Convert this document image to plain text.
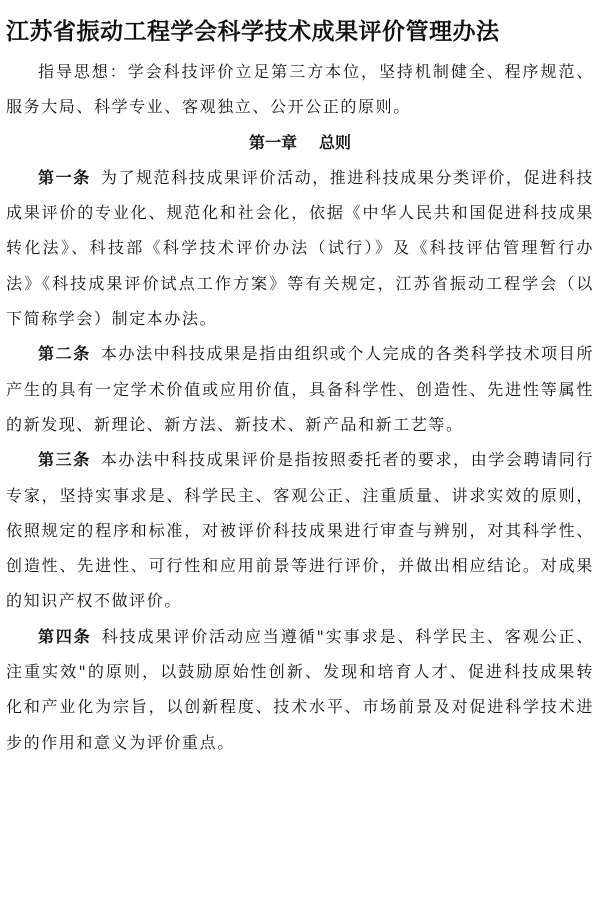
江苏省振动工程学会科学技术成果评价管理办法

指导思想：学会科技评价立足第三方本位，坚持机制健全、程序规范、服务大局、科学专业、客观独立、公开公正的原则。

第一章 总则

第一条 为了规范科技成果评价活动，推进科技成果分类评价，促进科技成果评价的专业化、规范化和社会化，依据《中华人民共和国促进科技成果转化法》、科技部《科学技术评价办法（试行）》及《科技评估管理暂行办法》《科技成果评价试点工作方案》等有关规定，江苏省振动工程学会（以下简称学会）制定本办法。

第二条 本办法中科技成果是指由组织或个人完成的各类科学技术项目所产生的具有一定学术价值或应用价值，具备科学性、创造性、先进性等属性的新发现、新理论、新方法、新技术、新产品和新工艺等。

第三条 本办法中科技成果评价是指按照委托者的要求，由学会聘请同行专家，坚持实事求是、科学民主、客观公正、注重质量、讲求实效的原则，依照规定的程序和标准，对被评价科技成果进行审查与辨别，对其科学性、创造性、先进性、可行性和应用前景等进行评价，并做出相应结论。对成果的知识产权不做评价。

第四条 科技成果评价活动应当遵循"实事求是、科学民主、客观公正、注重实效"的原则，以鼓励原始性创新、发现和培育人才、促进科技成果转化和产业化为宗旨，以创新程度、技术水平、市场前景及对促进科学技术进步的作用和意义为评价重点。
